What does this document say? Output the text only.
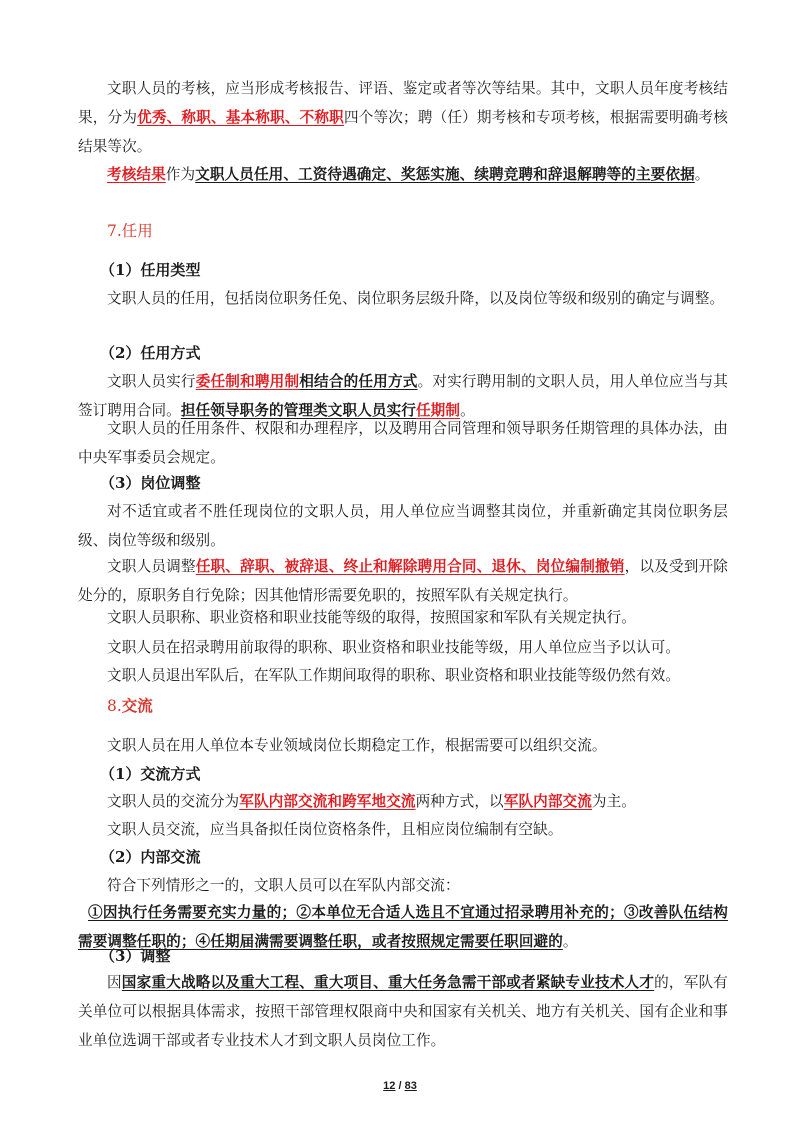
文职人员的考核，应当形成考核报告、评语、鉴定或者等次等结果。其中，文职人员年度考核结果，分为优秀、称职、基本称职、不称职四个等次；聘（任）期考核和专项考核，根据需要明确考核结果等次。

考核结果作为文职人员任用、工资待遇确定、奖惩实施、续聘竞聘和辞退解聘等的主要依据。

7.任用

（1）任用类型

文职人员的任用，包括岗位职务任免、岗位职务层级升降，以及岗位等级和级别的确定与调整。

（2）任用方式

文职人员实行委任制和聘用制相结合的任用方式。对实行聘用制的文职人员，用人单位应当与其签订聘用合同。担任领导职务的管理类文职人员实行任期制。

文职人员的任用条件、权限和办理程序，以及聘用合同管理和领导职务任期管理的具体办法，由中央军事委员会规定。

（3）岗位调整

对不适宜或者不胜任现岗位的文职人员，用人单位应当调整其岗位，并重新确定其岗位职务层级、岗位等级和级别。

文职人员调整任职、辞职、被辞退、终止和解除聘用合同、退休、岗位编制撤销，以及受到开除处分的，原职务自行免除；因其他情形需要免职的，按照军队有关规定执行。

文职人员职称、职业资格和职业技能等级的取得，按照国家和军队有关规定执行。

文职人员在招录聘用前取得的职称、职业资格和职业技能等级，用人单位应当予以认可。

文职人员退出军队后，在军队工作期间取得的职称、职业资格和职业技能等级仍然有效。

8.交流

文职人员在用人单位本专业领域岗位长期稳定工作，根据需要可以组织交流。

（1）交流方式

文职人员的交流分为军队内部交流和跨军地交流两种方式，以军队内部交流为主。

文职人员交流，应当具备拟任岗位资格条件，且相应岗位编制有空缺。

（2）内部交流

符合下列情形之一的，文职人员可以在军队内部交流：

①因执行任务需要充实力量的；②本单位无合适人选且不宜通过招录聘用补充的；③改善队伍结构需要调整任职的；④任期届满需要调整任职，或者按照规定需要任职回避的。

（3）调整

因国家重大战略以及重大工程、重大项目、重大任务急需干部或者紧缺专业技术人才的，军队有关单位可以根据具体需求，按照干部管理权限商中央和国家有关机关、地方有关机关、国有企业和事业单位选调干部或者专业技术人才到文职人员岗位工作。

12 / 83
